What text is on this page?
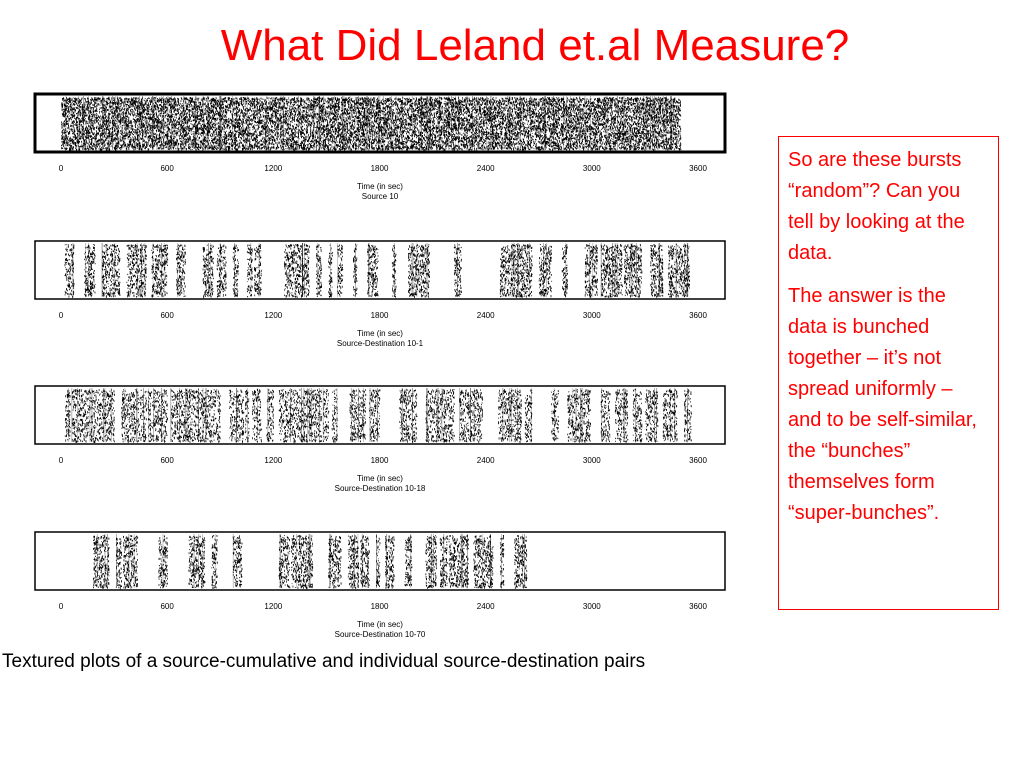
What Did Leland et.al Measure?
0	600	1200	1800	2400	3000	3600
Time (in sec)
Source 10
0	600	1200	1800	2400	3000	3600
Time (in sec)
Source-Destination 10-1
0	600	1200	1800	2400	3000	3600
Time (in sec)
Source-Destination 10-18
0	600	1200	1800	2400	3000	3600
Time (in sec)
Source-Destination 10-70
Textured plots of a source-cumulative and individual source-destination pairs

So are these bursts “random”? Can you tell by looking at the data.

The answer is the data is bunched together – it’s not spread uniformly – and to be self-similar, the “bunches” themselves form “super-bunches”.
